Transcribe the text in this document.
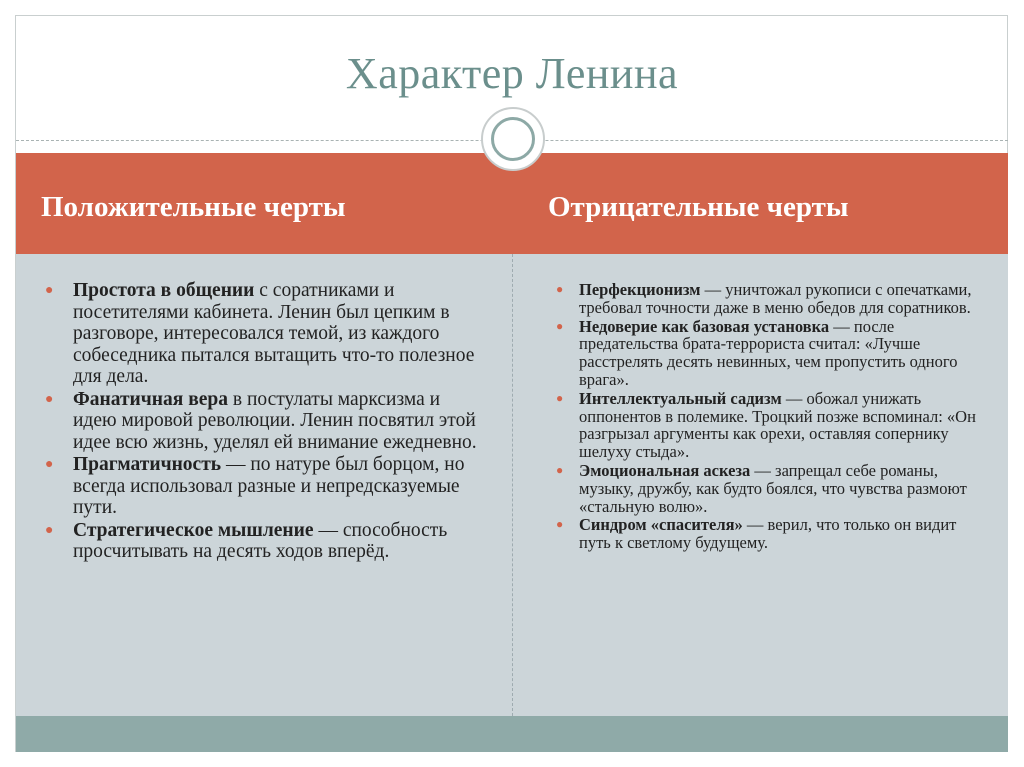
Характер Ленина
Положительные черты	Отрицательные черты
● Простота в общении с соратниками и посетителями кабинета. Ленин был цепким в разговоре, интересовался темой, из каждого собеседника пытался вытащить что-то полезное для дела.
● Фанатичная вера в постулаты марксизма и идею мировой революции. Ленин посвятил этой идее всю жизнь, уделял ей внимание ежедневно.
● Прагматичность — по натуре был борцом, но всегда использовал разные и непредсказуемые пути.
● Стратегическое мышление — способность просчитывать на десять ходов вперёд.
● Перфекционизм — уничтожал рукописи с опечатками, требовал точности даже в меню обедов для соратников.
● Недоверие как базовая установка — после предательства брата-террориста считал: «Лучше расстрелять десять невинных, чем пропустить одного врага».
● Интеллектуальный садизм — обожал унижать оппонентов в полемике. Троцкий позже вспоминал: «Он разгрызал аргументы как орехи, оставляя сопернику шелуху стыда».
● Эмоциональная аскеза — запрещал себе романы, музыку, дружбу, как будто боялся, что чувства размоют «стальную волю».
● Синдром «спасителя» — верил, что только он видит путь к светлому будущему.
